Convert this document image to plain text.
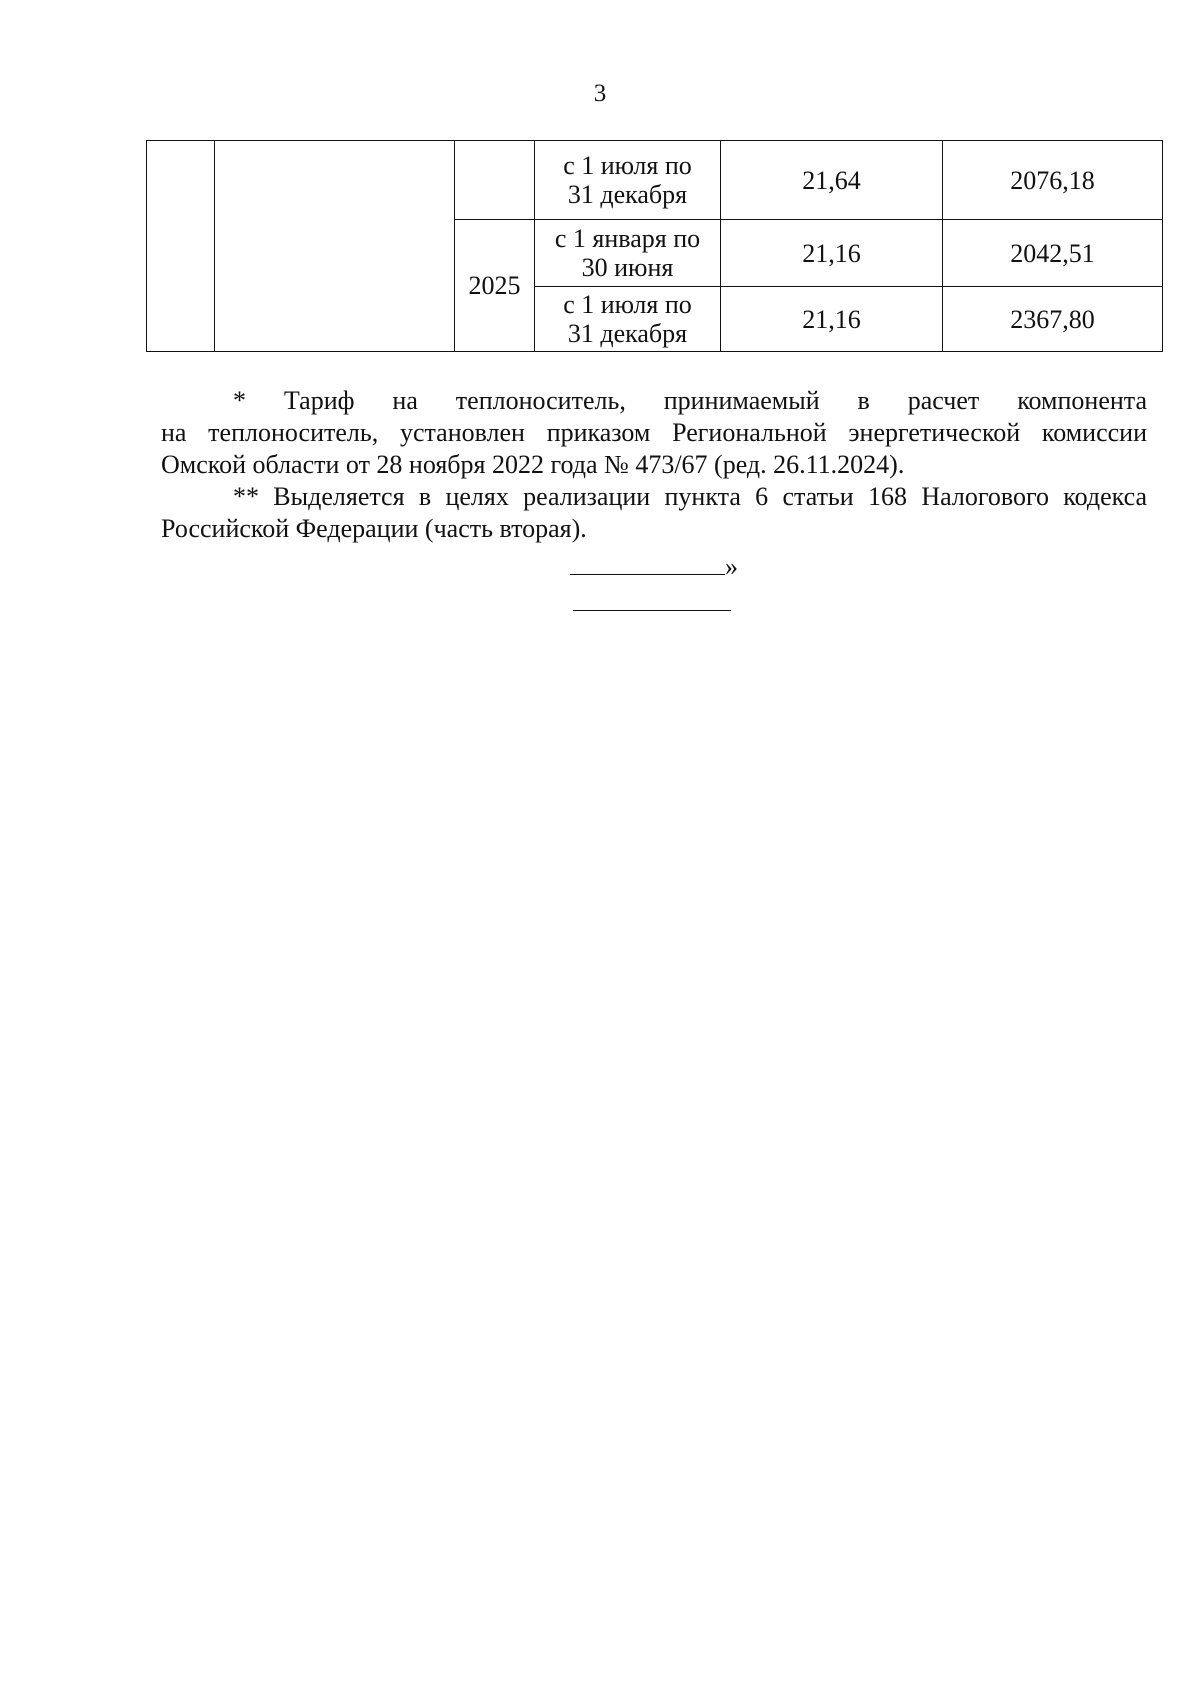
3

			с 1 июля по
31 декабря	21,64	2076,18
		2025	с 1 января по
30 июня	21,16	2042,51

			с 1 июля по
31 декабря	21,16	2367,80

* Тариф на теплоноситель, принимаемый в расчет компонента

на теплоноситель, установлен приказом Региональной энергетической комиссии Омской области от 28 ноября 2022 года № 473/67 (ред. 26.11.2024).

** Выделяется в целях реализации пункта 6 статьи 168 Налогового кодекса Российской Федерации (часть вторая).

»
